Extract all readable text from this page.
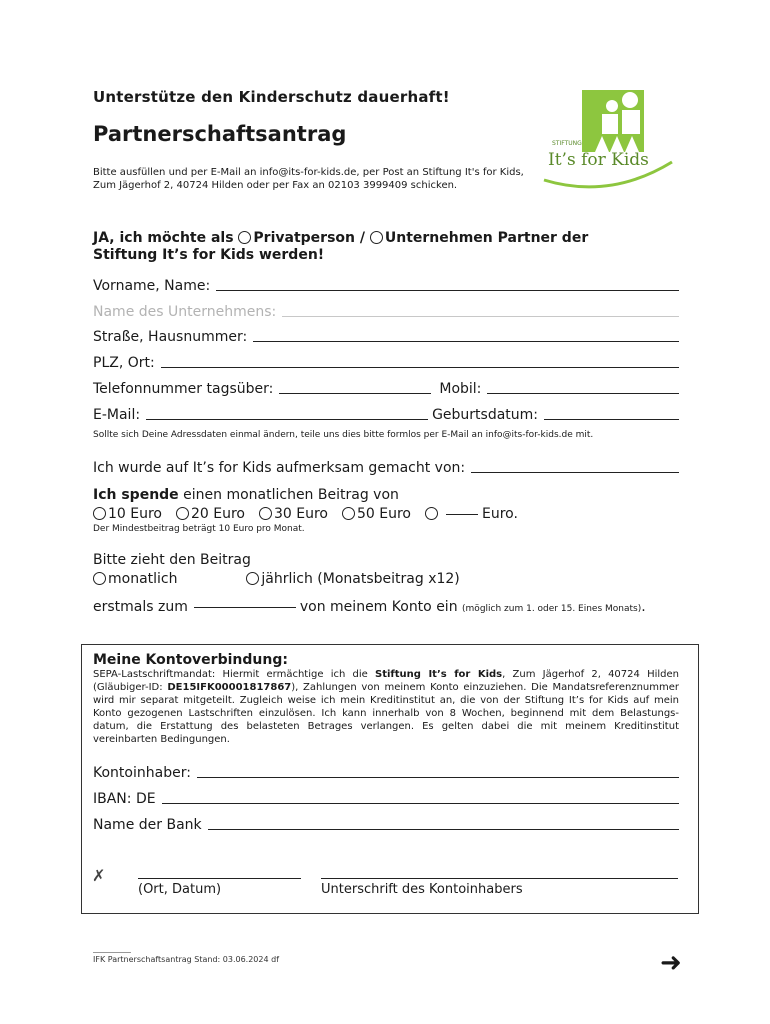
Unterstütze den Kinderschutz dauerhaft!
Partnerschaftsantrag
Bitte ausfüllen und per E-Mail an info@its-for-kids.de, per Post an Stiftung It's for Kids, Zum Jägerhof 2, 40724 Hilden oder per Fax an 02103 3999409 schicken.
STIFTUNG
It’s for Kids
JA, ich möchte als Privatperson / Unternehmen Partner der
Stiftung It’s for Kids werden!
Vorname, Name:
Name des Unternehmens:
Straße, Hausnummer:
PLZ, Ort:
Telefonnummer tagsüber:	Mobil:
E-Mail:	Geburtsdatum:
Sollte sich Deine Adressdaten einmal ändern, teile uns dies bitte formlos per E-Mail an info@its-for-kids.de mit.
Ich wurde auf It’s for Kids aufmerksam gemacht von:
Ich spende einen monatlichen Beitrag von
10 Euro	20 Euro	30 Euro	50 Euro	Euro.
Der Mindestbeitrag beträgt 10 Euro pro Monat.
Bitte zieht den Beitrag
monatlich	jährlich (Monatsbeitrag x12)
erstmals zum	von meinem Konto ein (möglich zum 1. oder 15. Eines Monats).
Meine Kontoverbindung:
SEPA-Lastschriftmandat: Hiermit ermächtige ich die Stiftung It’s for Kids, Zum Jägerhof 2, 40724 Hilden (Gläubiger-ID: DE15IFK00001817867), Zahlungen von meinem Konto einzuziehen. Die Mandatsreferenznummer wird mir separat mitgeteilt. Zugleich weise ich mein Kreditinstitut an, die von der Stiftung It’s for Kids auf mein Konto gezogenen Lastschriften einzulösen. Ich kann innerhalb von 8 Wochen, beginnend mit dem Belastungs-datum, die Erstattung des belasteten Betrages verlangen. Es gelten dabei die mit meinem Kreditinstitut vereinbarten Bedingungen.
Kontoinhaber:
IBAN: DE
Name der Bank
✗
(Ort, Datum)	Unterschrift des Kontoinhabers
IFK Partnerschaftsantrag Stand: 03.06.2024 df	➜
